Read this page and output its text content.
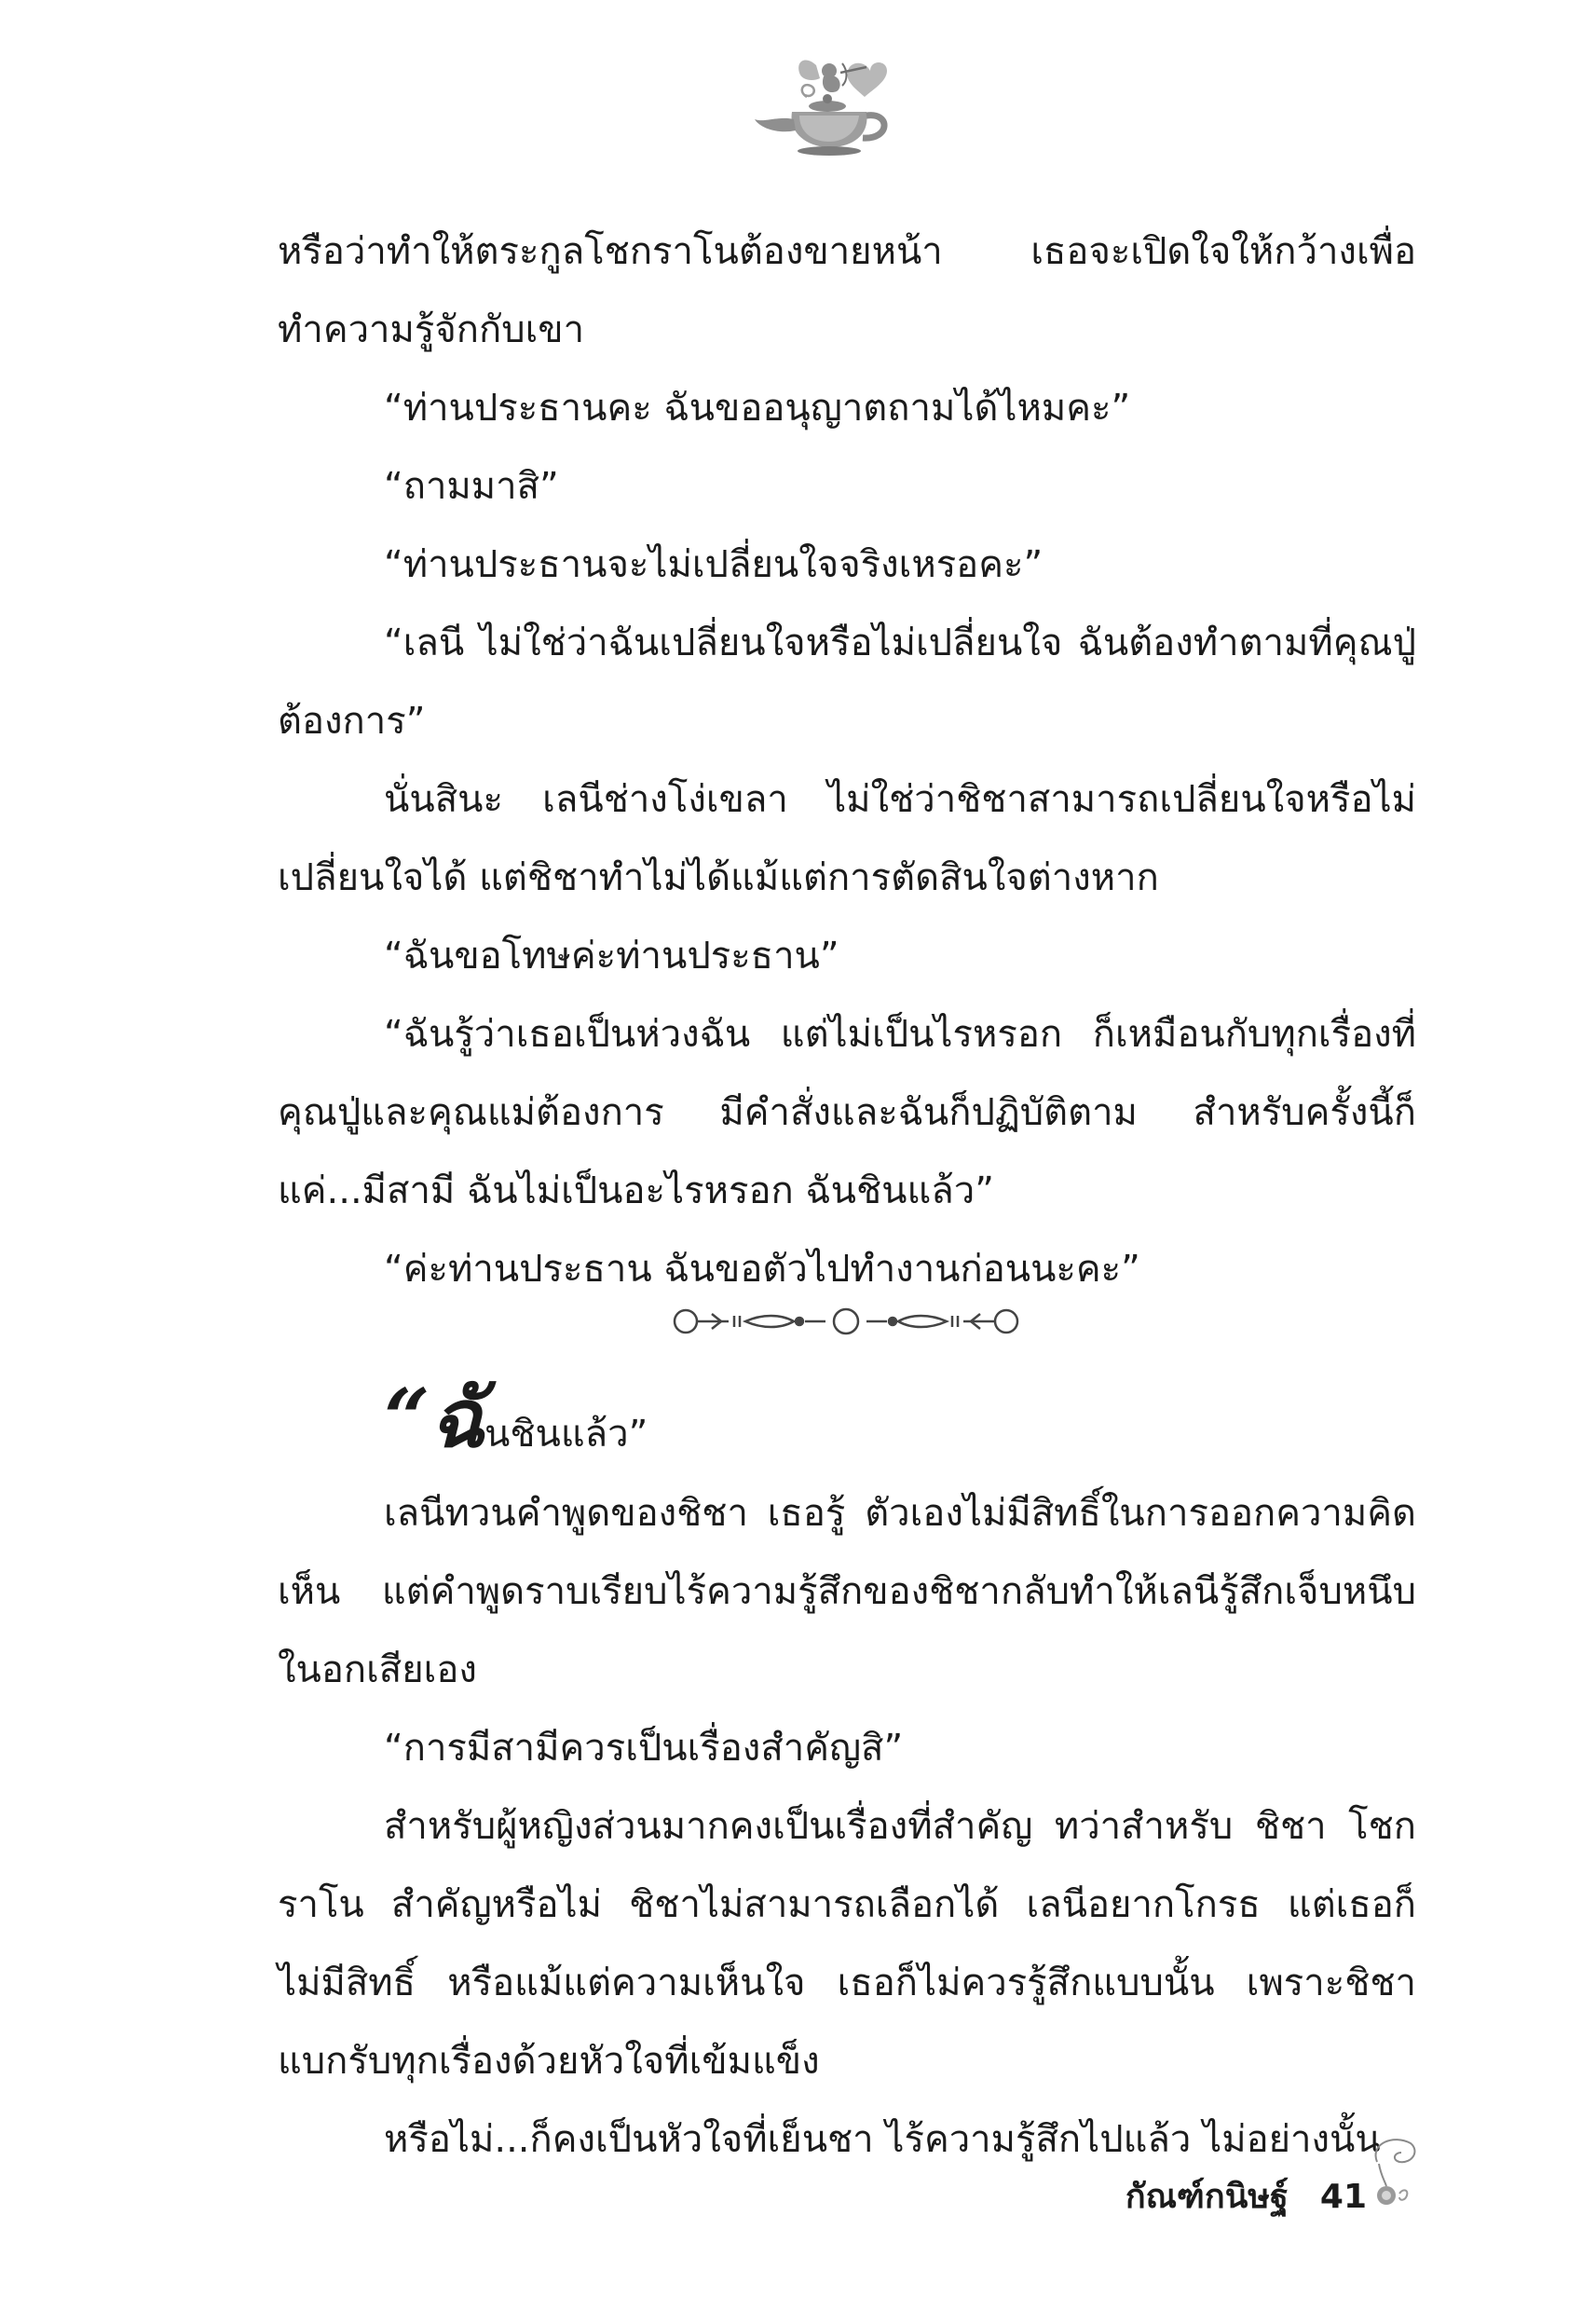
หรือว่าทำให้ตระกูลโชกราโนต้องขายหน้า เธอจะเปิดใจให้กว้างเพื่อทำความรู้จักกับเขา

“ท่านประธานคะ ฉันขออนุญาตถามได้ไหมคะ”

“ถามมาสิ”

“ท่านประธานจะไม่เปลี่ยนใจจริงเหรอคะ”

“เลนี ไม่ใช่ว่าฉันเปลี่ยนใจหรือไม่เปลี่ยนใจ ฉันต้องทำตามที่คุณปู่ต้องการ”

นั่นสินะ เลนีช่างโง่เขลา ไม่ใช่ว่าชิชาสามารถเปลี่ยนใจหรือไม่เปลี่ยนใจได้ แต่ชิชาทำไม่ได้แม้แต่การตัดสินใจต่างหาก

“ฉันขอโทษค่ะท่านประธาน”

“ฉันรู้ว่าเธอเป็นห่วงฉัน แต่ไม่เป็นไรหรอก ก็เหมือนกับทุกเรื่องที่คุณปู่และคุณแม่ต้องการ มีคำสั่งและฉันก็ปฏิบัติตาม สำหรับครั้งนี้ก็แค่...มีสามี ฉันไม่เป็นอะไรหรอก ฉันชินแล้ว”

“ค่ะท่านประธาน ฉันขอตัวไปทำงานก่อนนะคะ”

“ฉันชินแล้ว”

เลนีทวนคำพูดของชิชา เธอรู้ ตัวเองไม่มีสิทธิ์ในการออกความคิดเห็น แต่คำพูดราบเรียบไร้ความรู้สึกของชิชากลับทำให้เลนีรู้สึกเจ็บหนึบในอกเสียเอง

“การมีสามีควรเป็นเรื่องสำคัญสิ”

สำหรับผู้หญิงส่วนมากคงเป็นเรื่องที่สำคัญ ทว่าสำหรับ ชิชา โชกราโน สำคัญหรือไม่ ชิชาไม่สามารถเลือกได้ เลนีอยากโกรธ แต่เธอก็ไม่มีสิทธิ์ หรือแม้แต่ความเห็นใจ เธอก็ไม่ควรรู้สึกแบบนั้น เพราะชิชาแบกรับทุกเรื่องด้วยหัวใจที่เข้มแข็ง

หรือไม่...ก็คงเป็นหัวใจที่เย็นชา ไร้ความรู้สึกไปแล้ว ไม่อย่างนั้น

กัณฑ์กนิษฐ์ 41
